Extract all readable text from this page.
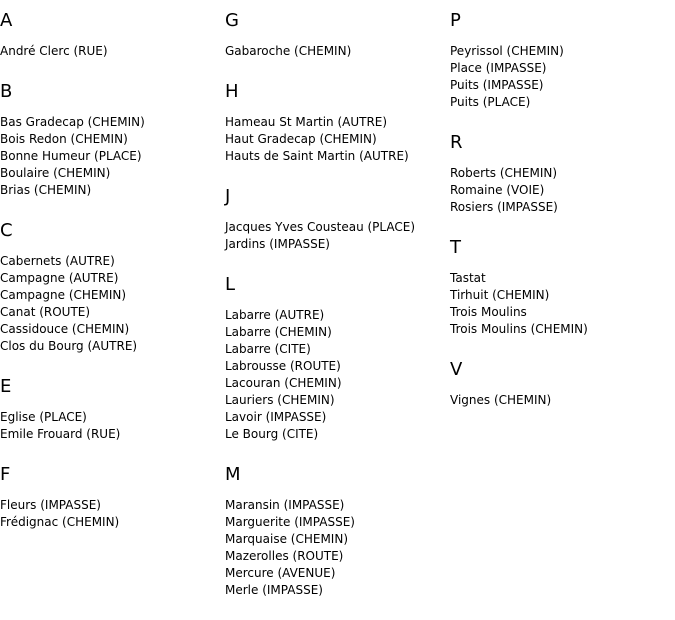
A
André Clerc (RUE)
B
Bas Gradecap (CHEMIN)
Bois Redon (CHEMIN)
Bonne Humeur (PLACE)
Boulaire (CHEMIN)
Brias (CHEMIN)
C
Cabernets (AUTRE)
Campagne (AUTRE)
Campagne (CHEMIN)
Canat (ROUTE)
Cassidouce (CHEMIN)
Clos du Bourg (AUTRE)
E
Eglise (PLACE)
Emile Frouard (RUE)
F
Fleurs (IMPASSE)
Frédignac (CHEMIN)
G
Gabaroche (CHEMIN)
H
Hameau St Martin (AUTRE)
Haut Gradecap (CHEMIN)
Hauts de Saint Martin (AUTRE)
J
Jacques Yves Cousteau (PLACE)
Jardins (IMPASSE)
L
Labarre (AUTRE)
Labarre (CHEMIN)
Labarre (CITE)
Labrousse (ROUTE)
Lacouran (CHEMIN)
Lauriers (CHEMIN)
Lavoir (IMPASSE)
Le Bourg (CITE)
M
Maransin (IMPASSE)
Marguerite (IMPASSE)
Marquaise (CHEMIN)
Mazerolles (ROUTE)
Mercure (AVENUE)
Merle (IMPASSE)
P
Peyrissol (CHEMIN)
Place (IMPASSE)
Puits (IMPASSE)
Puits (PLACE)
R
Roberts (CHEMIN)
Romaine (VOIE)
Rosiers (IMPASSE)
T
Tastat
Tirhuit (CHEMIN)
Trois Moulins
Trois Moulins (CHEMIN)
V
Vignes (CHEMIN)
